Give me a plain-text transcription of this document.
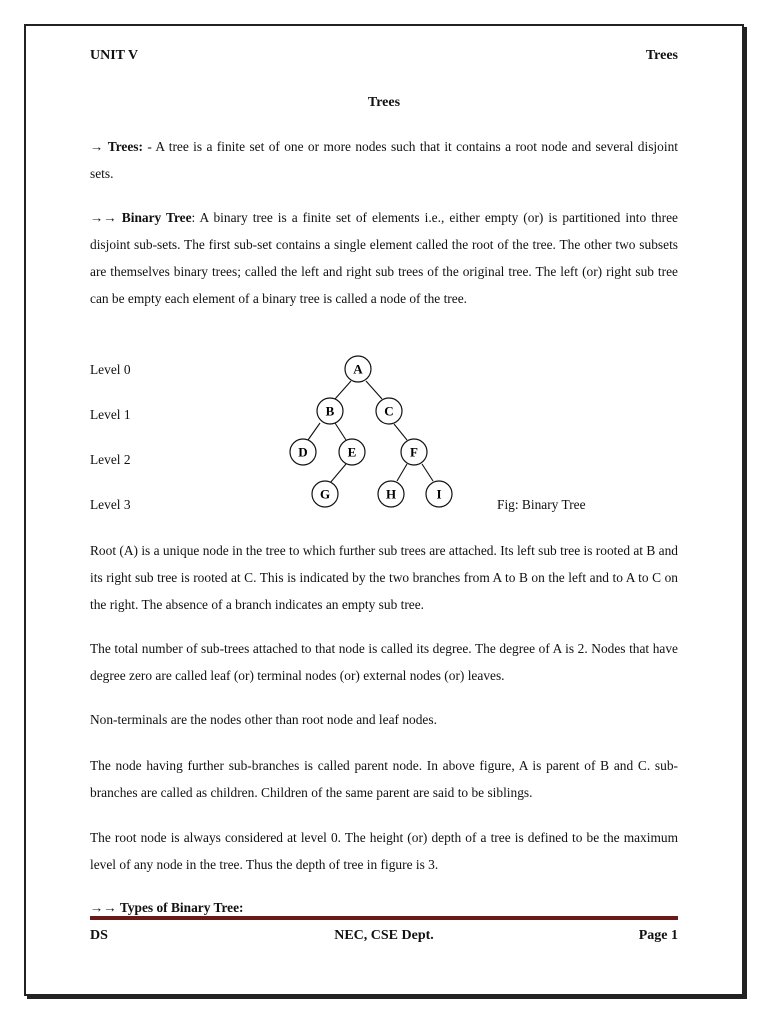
UNIT V	Trees
Trees

→ Trees: - A tree is a finite set of one or more nodes such that it contains a root node and several disjoint sets.

→→ Binary Tree: A binary tree is a finite set of elements i.e., either empty (or) is partitioned into three disjoint sub-sets. The first sub-set contains a single element called the root of the tree. The other two subsets are themselves binary trees; called the left and right sub trees of the original tree. The left (or) right sub tree can be empty each element of a binary tree is called a node of the tree.

Level 0
Level 1
Level 2
Level 3
A
B	C
D	E	F
G	H	I
Fig: Binary Tree

Root (A) is a unique node in the tree to which further sub trees are attached. Its left sub tree is rooted at B and its right sub tree is rooted at C. This is indicated by the two branches from A to B on the left and to A to C on the right. The absence of a branch indicates an empty sub tree.

The total number of sub-trees attached to that node is called its degree. The degree of A is 2. Nodes that have degree zero are called leaf (or) terminal nodes (or) external nodes (or) leaves.

Non-terminals are the nodes other than root node and leaf nodes.

The node having further sub-branches is called parent node. In above figure, A is parent of B and C. sub-branches are called as children. Children of the same parent are said to be siblings.

The root node is always considered at level 0. The height (or) depth of a tree is defined to be the maximum level of any node in the tree. Thus the depth of tree in figure is 3.

→→ Types of Binary Tree:
DS	NEC, CSE Dept.	Page 1
